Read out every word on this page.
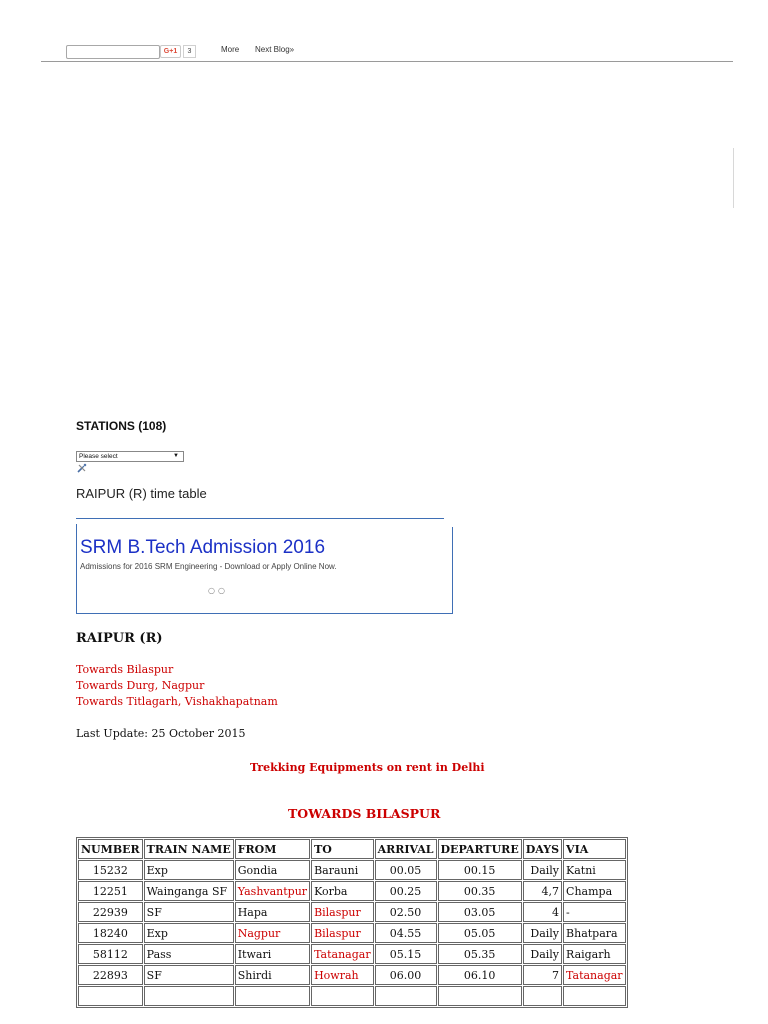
G+1	3	More Next Blog»
STATIONS (108)
Please select	▼
RAIPUR (R) time table
SRM B.Tech Admission 2016
Admissions for 2016 SRM Engineering - Download or Apply Online Now.
○○
RAIPUR (R)
Towards Bilaspur
Towards Durg, Nagpur
Towards Titlagarh, Vishakhapatnam
Last Update: 25 October 2015
Trekking Equipments on rent in Delhi
TOWARDS BILASPUR
NUMBER	TRAIN NAME	FROM	TO	ARRIVAL	DEPARTURE	DAYS	VIA
15232	Exp	Gondia	Barauni	00.05	00.15	Daily	Katni
12251	Wainganga SF	Yashvantpur	Korba	00.25	00.35	4,7	Champa
22939	SF	Hapa	Bilaspur	02.50	03.05	4	-
18240	Exp	Nagpur	Bilaspur	04.55	05.05	Daily	Bhatpara
58112	Pass	Itwari	Tatanagar	05.15	05.35	Daily	Raigarh
22893	SF	Shirdi	Howrah	06.00	06.10	7	Tatanagar
